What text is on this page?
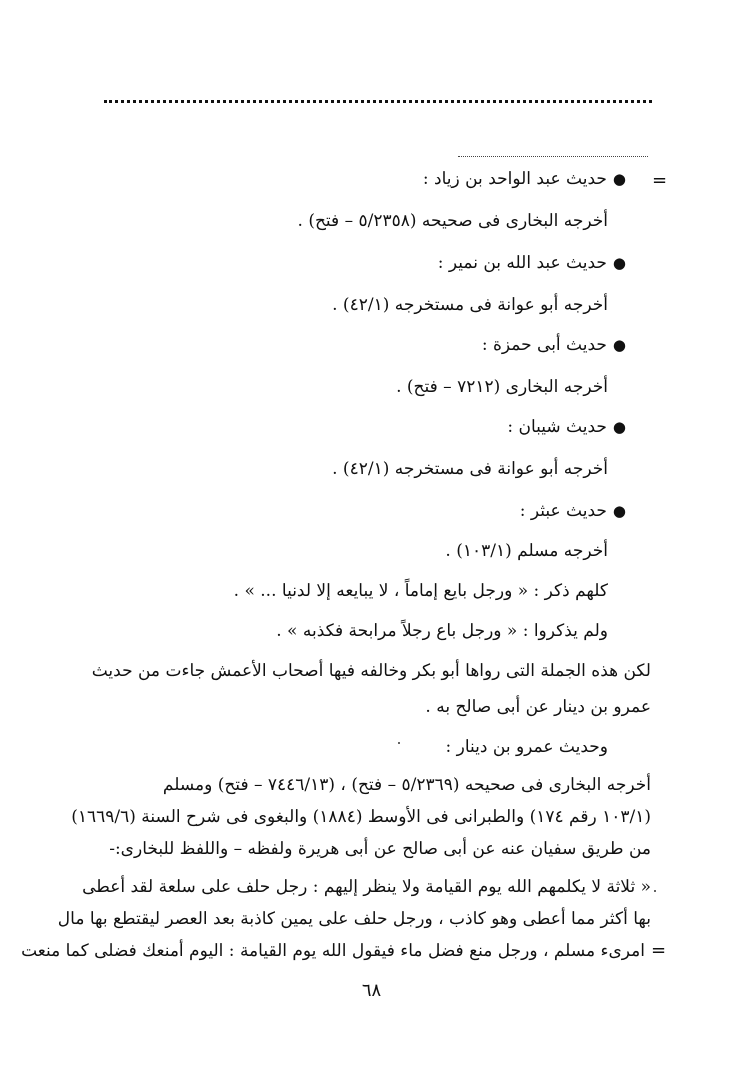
=
●حديث عبد الواحد بن زياد :
أخرجه البخارى فى صحيحه (٥/٢٣٥٨ – فتح) .
●حديث عبد الله بن نمير :
أخرجه أبو عوانة فى مستخرجه (٤٢/١) .
●حديث أبى حمزة :
أخرجه البخارى (٧٢١٢ – فتح) .
●حديث شيبان :
أخرجه أبو عوانة فى مستخرجه (٤٢/١) .
●حديث عبثر :
أخرجه مسلم (١٠٣/١) .
كلهم ذكر : « ورجل بايع إماماً ، لا يبايعه إلا لدنيا ... » .
ولم يذكروا : « ورجل باع رجلاً مرابحة فكذبه » .
لكن هذه الجملة التى رواها أبو بكر وخالفه فيها أصحاب الأعمش جاءت من حديث
عمرو بن دينار عن أبى صالح به .
وحديث عمرو بن دينار :
أخرجه البخارى فى صحيحه (٥/٢٣٦٩ – فتح) ، (٧٤٤٦/١٣ – فتح) ومسلم
(١٠٣/١ رقم ١٧٤) والطبرانى فى الأوسط (١٨٨٤) والبغوى فى شرح السنة (١٦٦٩/٦)
من طريق سفيان عنه عن أبى صالح عن أبى هريرة ولفظه – واللفظ للبخارى:-
« ثلاثة لا يكلمهم الله يوم القيامة ولا ينظر إليهم : رجل حلف على سلعة لقد أعطى
بها أكثر مما أعطى وهو كاذب ، ورجل حلف على يمين كاذبة بعد العصر ليقتطع بها مال
امرىء مسلم ، ورجل منع فضل ماء فيقول الله يوم القيامة : اليوم أمنعك فضلى كما منعت =
٦٨
